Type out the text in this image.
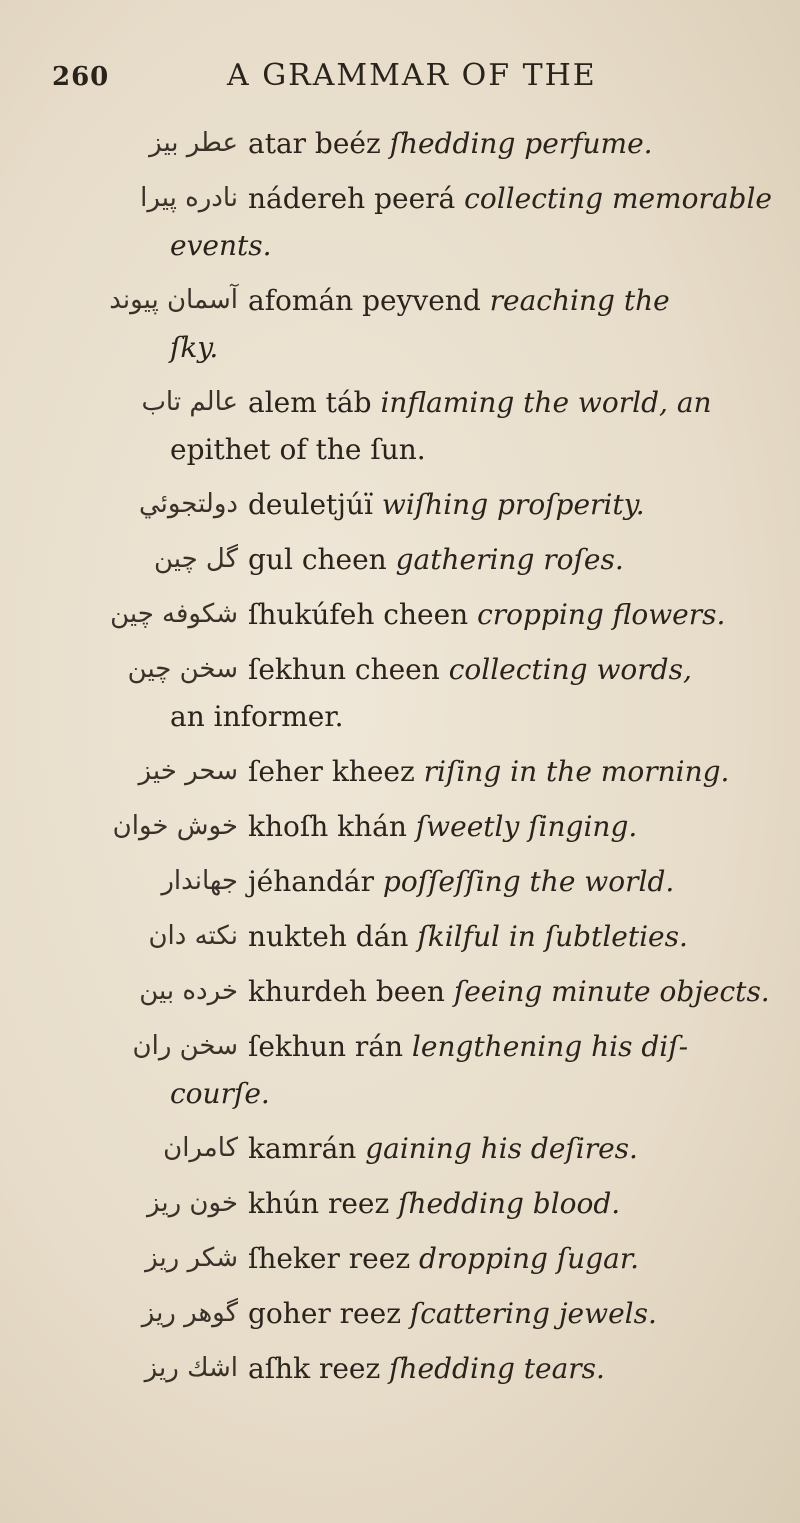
260	A GRAMMAR OF THE
عطر بيز atar beéz ſhedding perfume.
نادره پيرا nádereh peerá collecting memorable
events.
آسمان پيوند afomán peyvend reaching the
ſky.
عالم تاب alem táb inflaming the world, an
epithet of the ſun.
دولتجوئي deuletjúï wiſhing proſperity.
گل چين gul cheen gathering roſes.
شكوفه چين ſhukúfeh cheen cropping flowers.
سخن چين ſekhun cheen collecting words,
an informer.
سحر خيز ſeher kheez riſing in the morning.
خوش خوان khoſh khán ſweetly ſinging.
جهاندار jéhandár poſſeſſing the world.
نكته دان nukteh dán ſkilful in ſubtleties.
خرده بين khurdeh been ſeeing minute objects.
سخن ران ſekhun rán lengthening his diſ-
courſe.
كامران kamrán gaining his deſires.
خون ريز khún reez ſhedding blood.
شكر ريز ſheker reez dropping ſugar.
گوهر ريز goher reez ſcattering jewels.
اشك ريز aſhk reez ſhedding tears.
